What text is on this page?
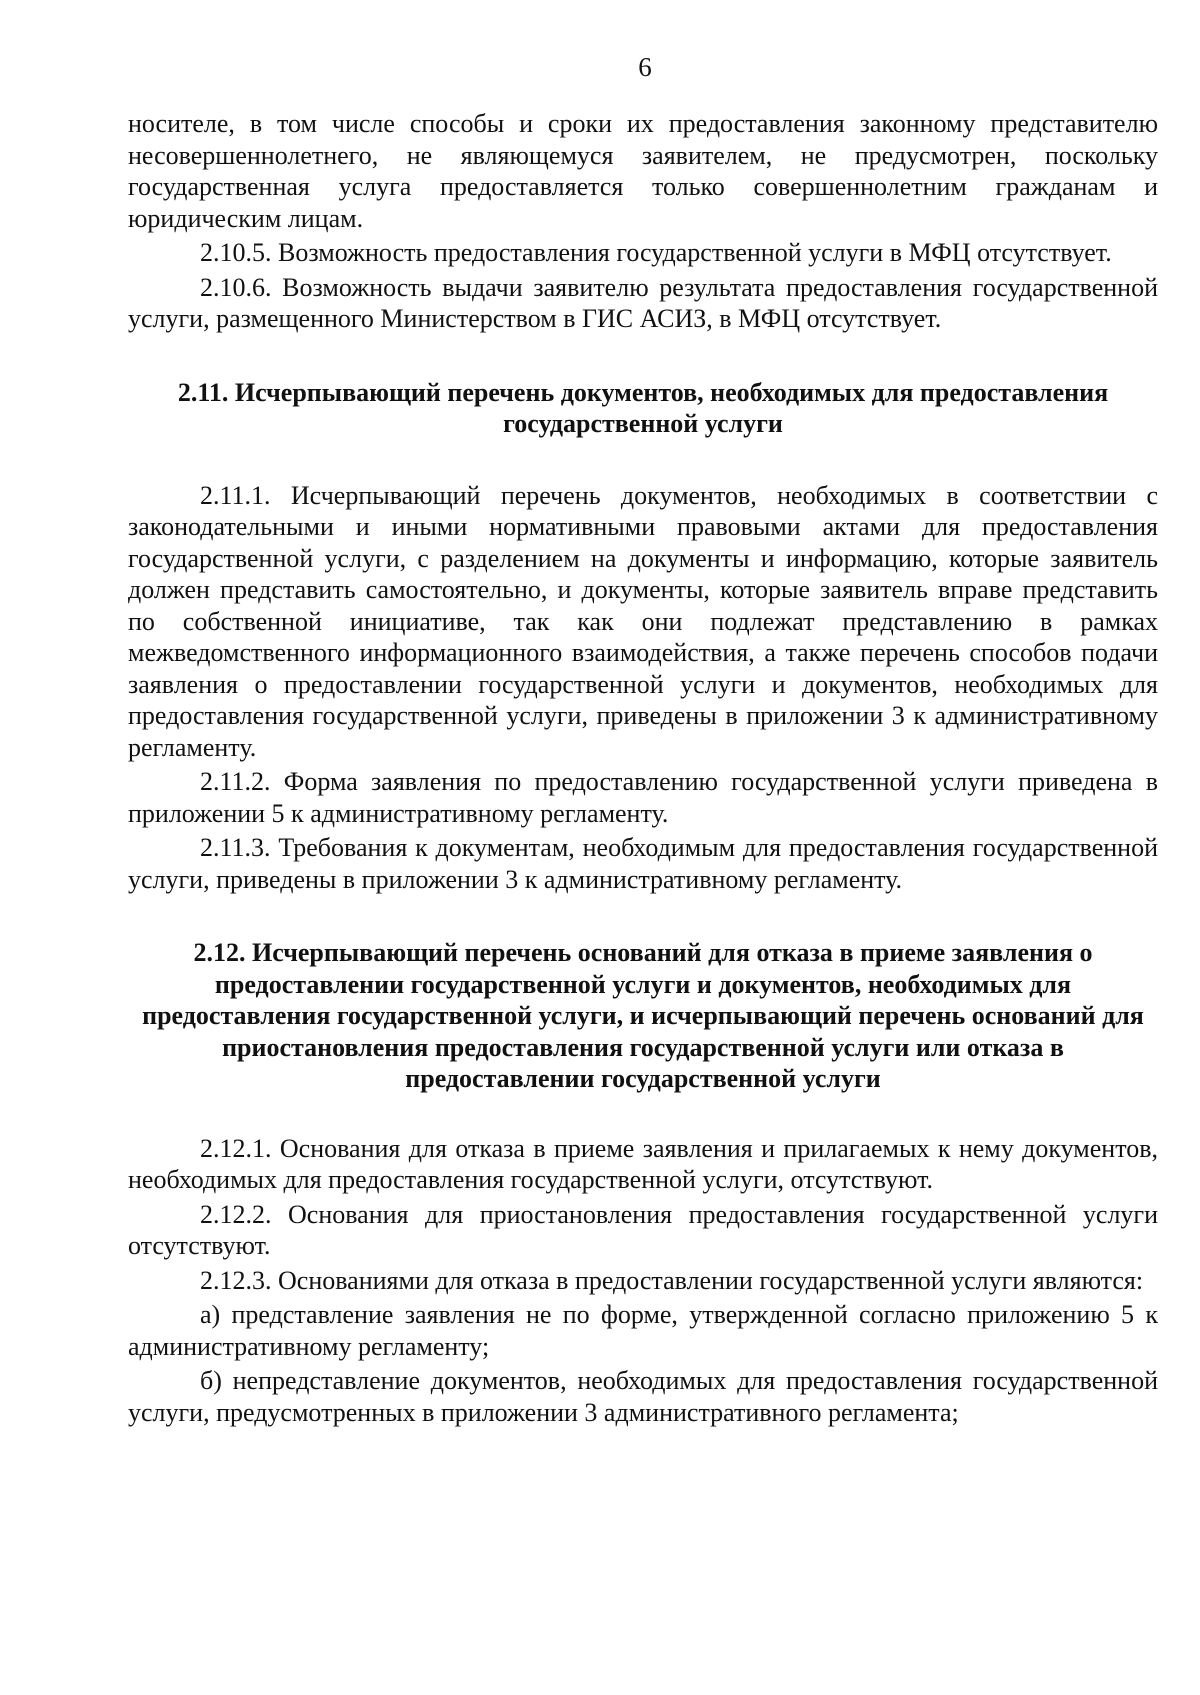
6

носителе, в том числе способы и сроки их предоставления законному представителю несовершеннолетнего, не являющемуся заявителем, не предусмотрен, поскольку государственная услуга предоставляется только совершеннолетним гражданам и юридическим лицам.

2.10.5. Возможность предоставления государственной услуги в МФЦ отсутствует.

2.10.6. Возможность выдачи заявителю результата предоставления государственной услуги, размещенного Министерством в ГИС АСИЗ, в МФЦ отсутствует.

2.11. Исчерпывающий перечень документов, необходимых для предоставления государственной услуги

2.11.1. Исчерпывающий перечень документов, необходимых в соответствии с законодательными и иными нормативными правовыми актами для предоставления государственной услуги, с разделением на документы и информацию, которые заявитель должен представить самостоятельно, и документы, которые заявитель вправе представить по собственной инициативе, так как они подлежат представлению в рамках межведомственного информационного взаимодействия, а также перечень способов подачи заявления о предоставлении государственной услуги и документов, необходимых для предоставления государственной услуги, приведены в приложении 3 к административному регламенту.

2.11.2. Форма заявления по предоставлению государственной услуги приведена в приложении 5 к административному регламенту.

2.11.3. Требования к документам, необходимым для предоставления государственной услуги, приведены в приложении 3 к административному регламенту.

2.12. Исчерпывающий перечень оснований для отказа в приеме заявления о предоставлении государственной услуги и документов, необходимых для предоставления государственной услуги, и исчерпывающий перечень оснований для приостановления предоставления государственной услуги или отказа в предоставлении государственной услуги

2.12.1. Основания для отказа в приеме заявления и прилагаемых к нему документов, необходимых для предоставления государственной услуги, отсутствуют.

2.12.2. Основания для приостановления предоставления государственной услуги отсутствуют.

2.12.3. Основаниями для отказа в предоставлении государственной услуги являются:

а) представление заявления не по форме, утвержденной согласно приложению 5 к административному регламенту;

б) непредставление документов, необходимых для предоставления государственной услуги, предусмотренных в приложении 3 административного регламента;
